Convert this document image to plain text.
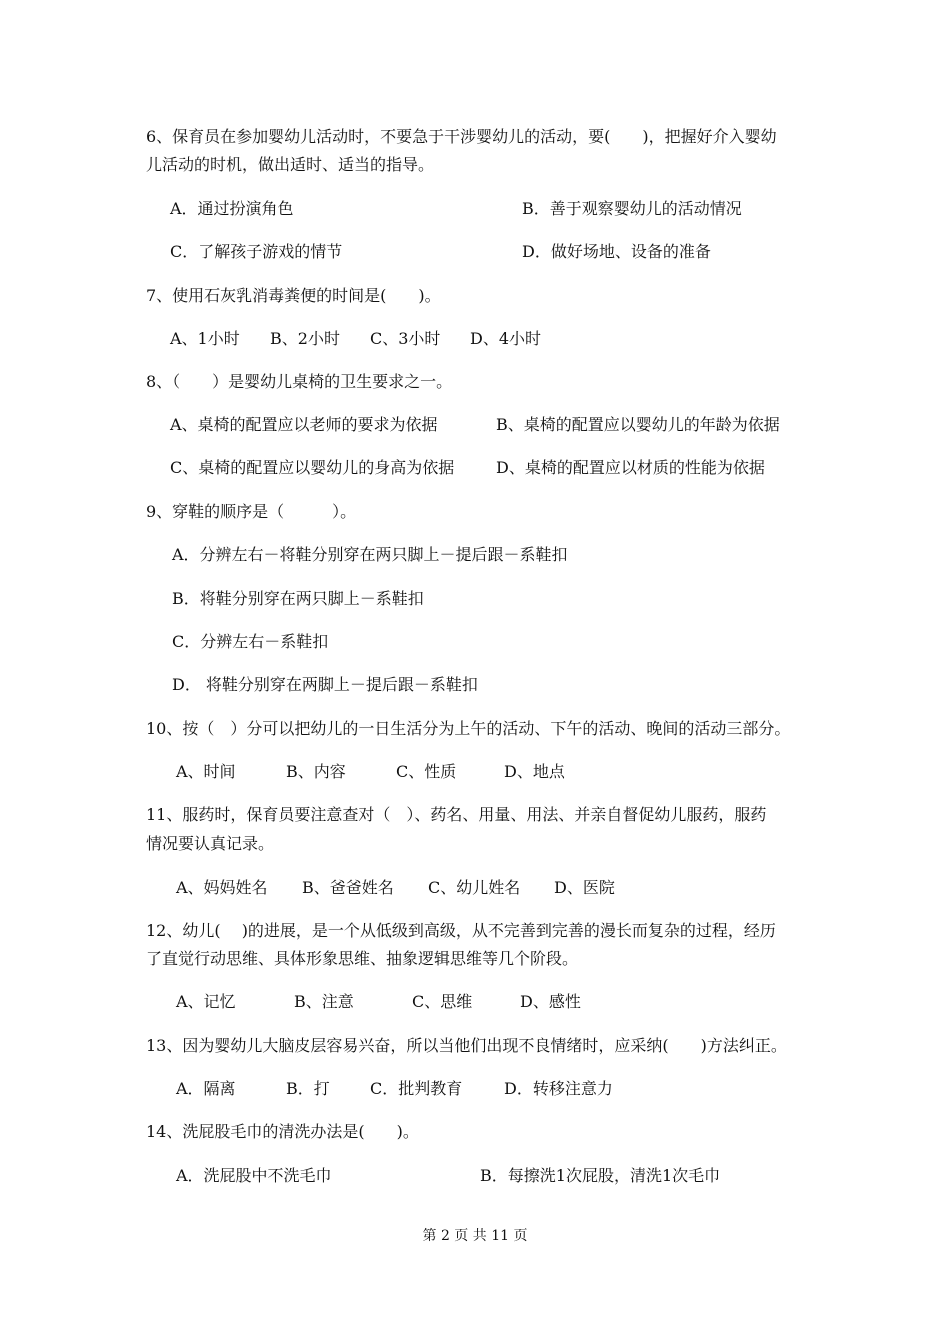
6、保育员在参加婴幼儿活动时，不要急于干涉婴幼儿的活动，要(　　)，把握好介入婴幼
儿活动的时机，做出适时、适当的指导。
A．通过扮演角色	B．善于观察婴幼儿的活动情况
C．了解孩子游戏的情节	D．做好场地、设备的准备
7、使用石灰乳消毒粪便的时间是(　　)。
A、1小时 B、2小时 C、3小时 D、4小时
8、（　　）是婴幼儿桌椅的卫生要求之一。
A、桌椅的配置应以老师的要求为依据	B、桌椅的配置应以婴幼儿的年龄为依据
C、桌椅的配置应以婴幼儿的身高为依据	D、桌椅的配置应以材质的性能为依据
9、穿鞋的顺序是（　　　）。
A．分辨左右－将鞋分别穿在两只脚上－提后跟－系鞋扣
B．将鞋分别穿在两只脚上－系鞋扣
C．分辨左右－系鞋扣
D． 将鞋分别穿在两脚上－提后跟－系鞋扣
10、按（　）分可以把幼儿的一日生活分为上午的活动、下午的活动、晚间的活动三部分。
A、时间	B、内容	C、性质	D、地点
11、服药时，保育员要注意查对（　）、药名、用量、用法、并亲自督促幼儿服药，服药
情况要认真记录。
A、妈妈姓名 B、爸爸姓名 C、幼儿姓名 D、医院
12、幼儿(　 )的进展，是一个从低级到高级，从不完善到完善的漫长而复杂的过程，经历
了直觉行动思维、具体形象思维、抽象逻辑思维等几个阶段。
A、记忆	B、注意	C、思维	D、感性
13、因为婴幼儿大脑皮层容易兴奋，所以当他们出现不良情绪时，应采纳(　　)方法纠正。
A．隔离	B．打	C．批判教育	D．转移注意力
14、洗屁股毛巾的清洗办法是(　　)。
A．洗屁股中不洗毛巾	B．每擦洗1次屁股，清洗1次毛巾
第 2 页 共 11 页
